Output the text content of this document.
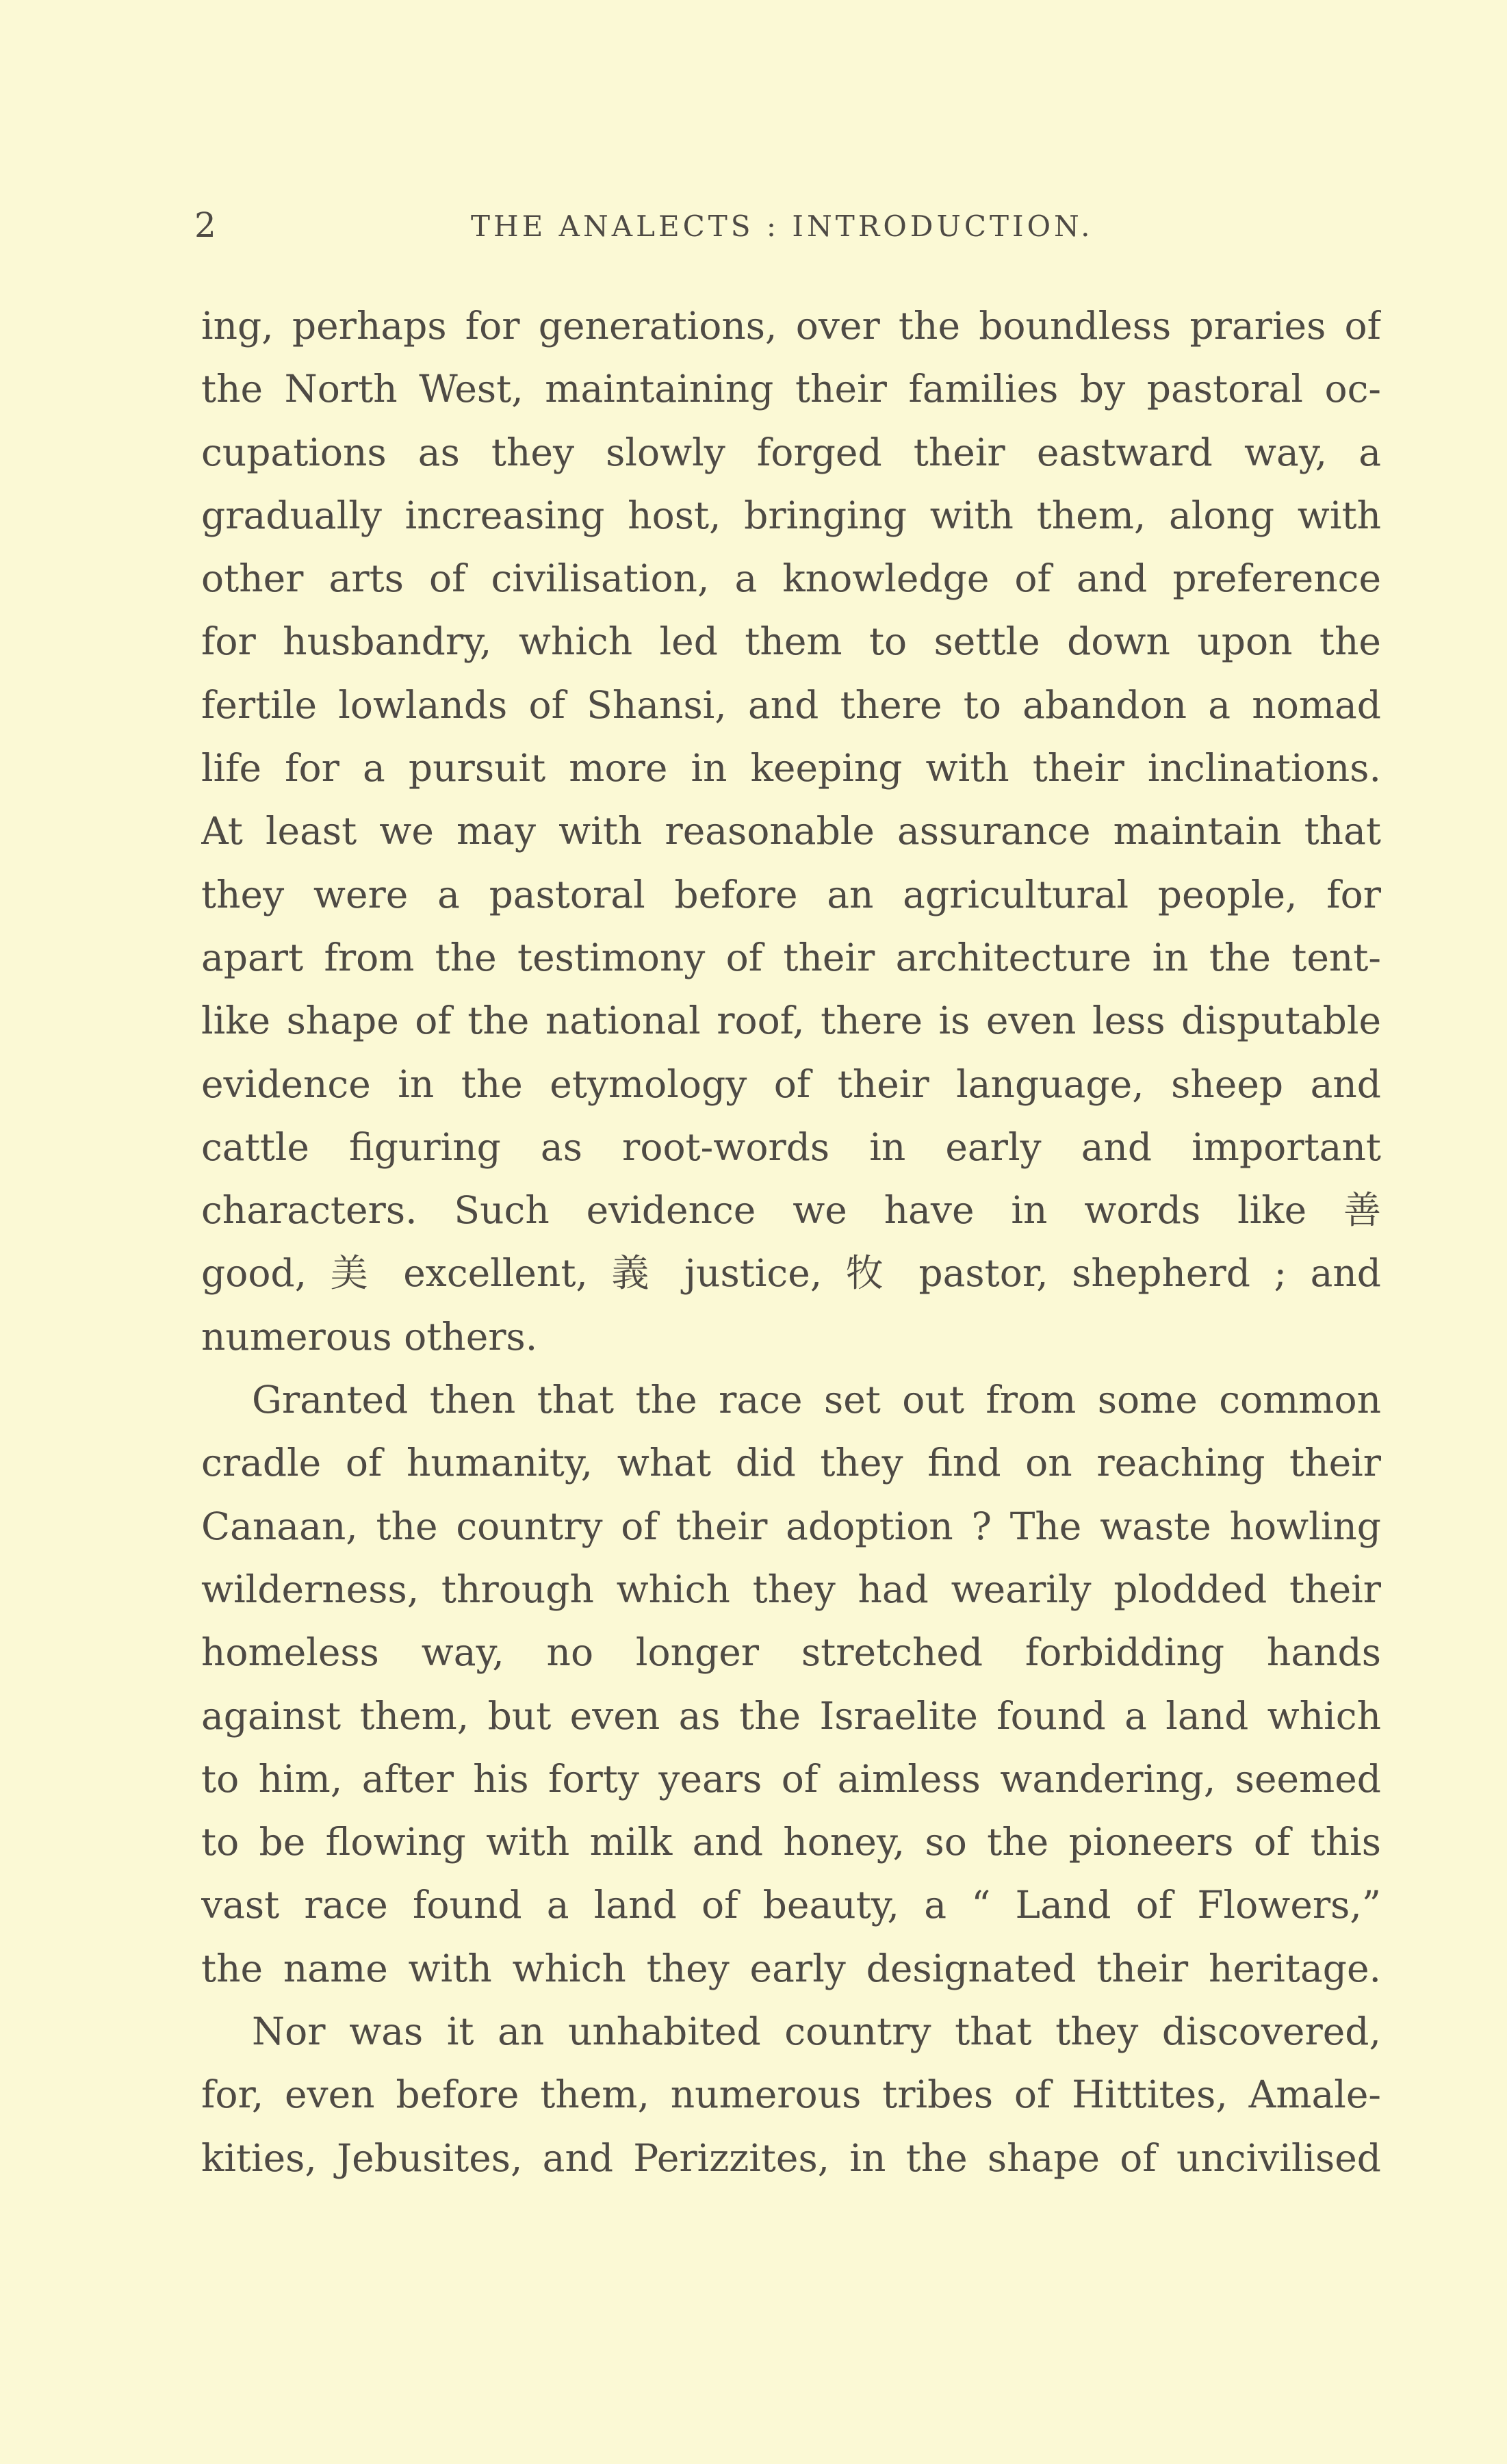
2	THE ANALECTS : INTRODUCTION.
ing, perhaps for generations, over the boundless praries of
the North West, maintaining their families by pastoral oc-
cupations as they slowly forged their eastward way, a
gradually increasing host, bringing with them, along with
other arts of civilisation, a knowledge of and preference
for husbandry, which led them to settle down upon the
fertile lowlands of Shansi, and there to abandon a nomad
life for a pursuit more in keeping with their inclinations.
At least we may with reasonable assurance maintain that
they were a pastoral before an agricultural people, for
apart from the testimony of their architecture in the tent-
like shape of the national roof, there is even less disputable
evidence in the etymology of their language, sheep and
cattle figuring as root-words in early and important
characters. Such evidence we have in words like 善
good, 美 excellent, 義 justice, 牧 pastor, shepherd ; and
numerous others.
Granted then that the race set out from some common
cradle of humanity, what did they find on reaching their
Canaan, the country of their adoption ? The waste howling
wilderness, through which they had wearily plodded their
homeless way, no longer stretched forbidding hands
against them, but even as the Israelite found a land which
to him, after his forty years of aimless wandering, seemed
to be flowing with milk and honey, so the pioneers of this
vast race found a land of beauty, a “ Land of Flowers,”
the name with which they early designated their heritage.
Nor was it an unhabited country that they discovered,
for, even before them, numerous tribes of Hittites, Amale-
kities, Jebusites, and Perizzites, in the shape of uncivilised
